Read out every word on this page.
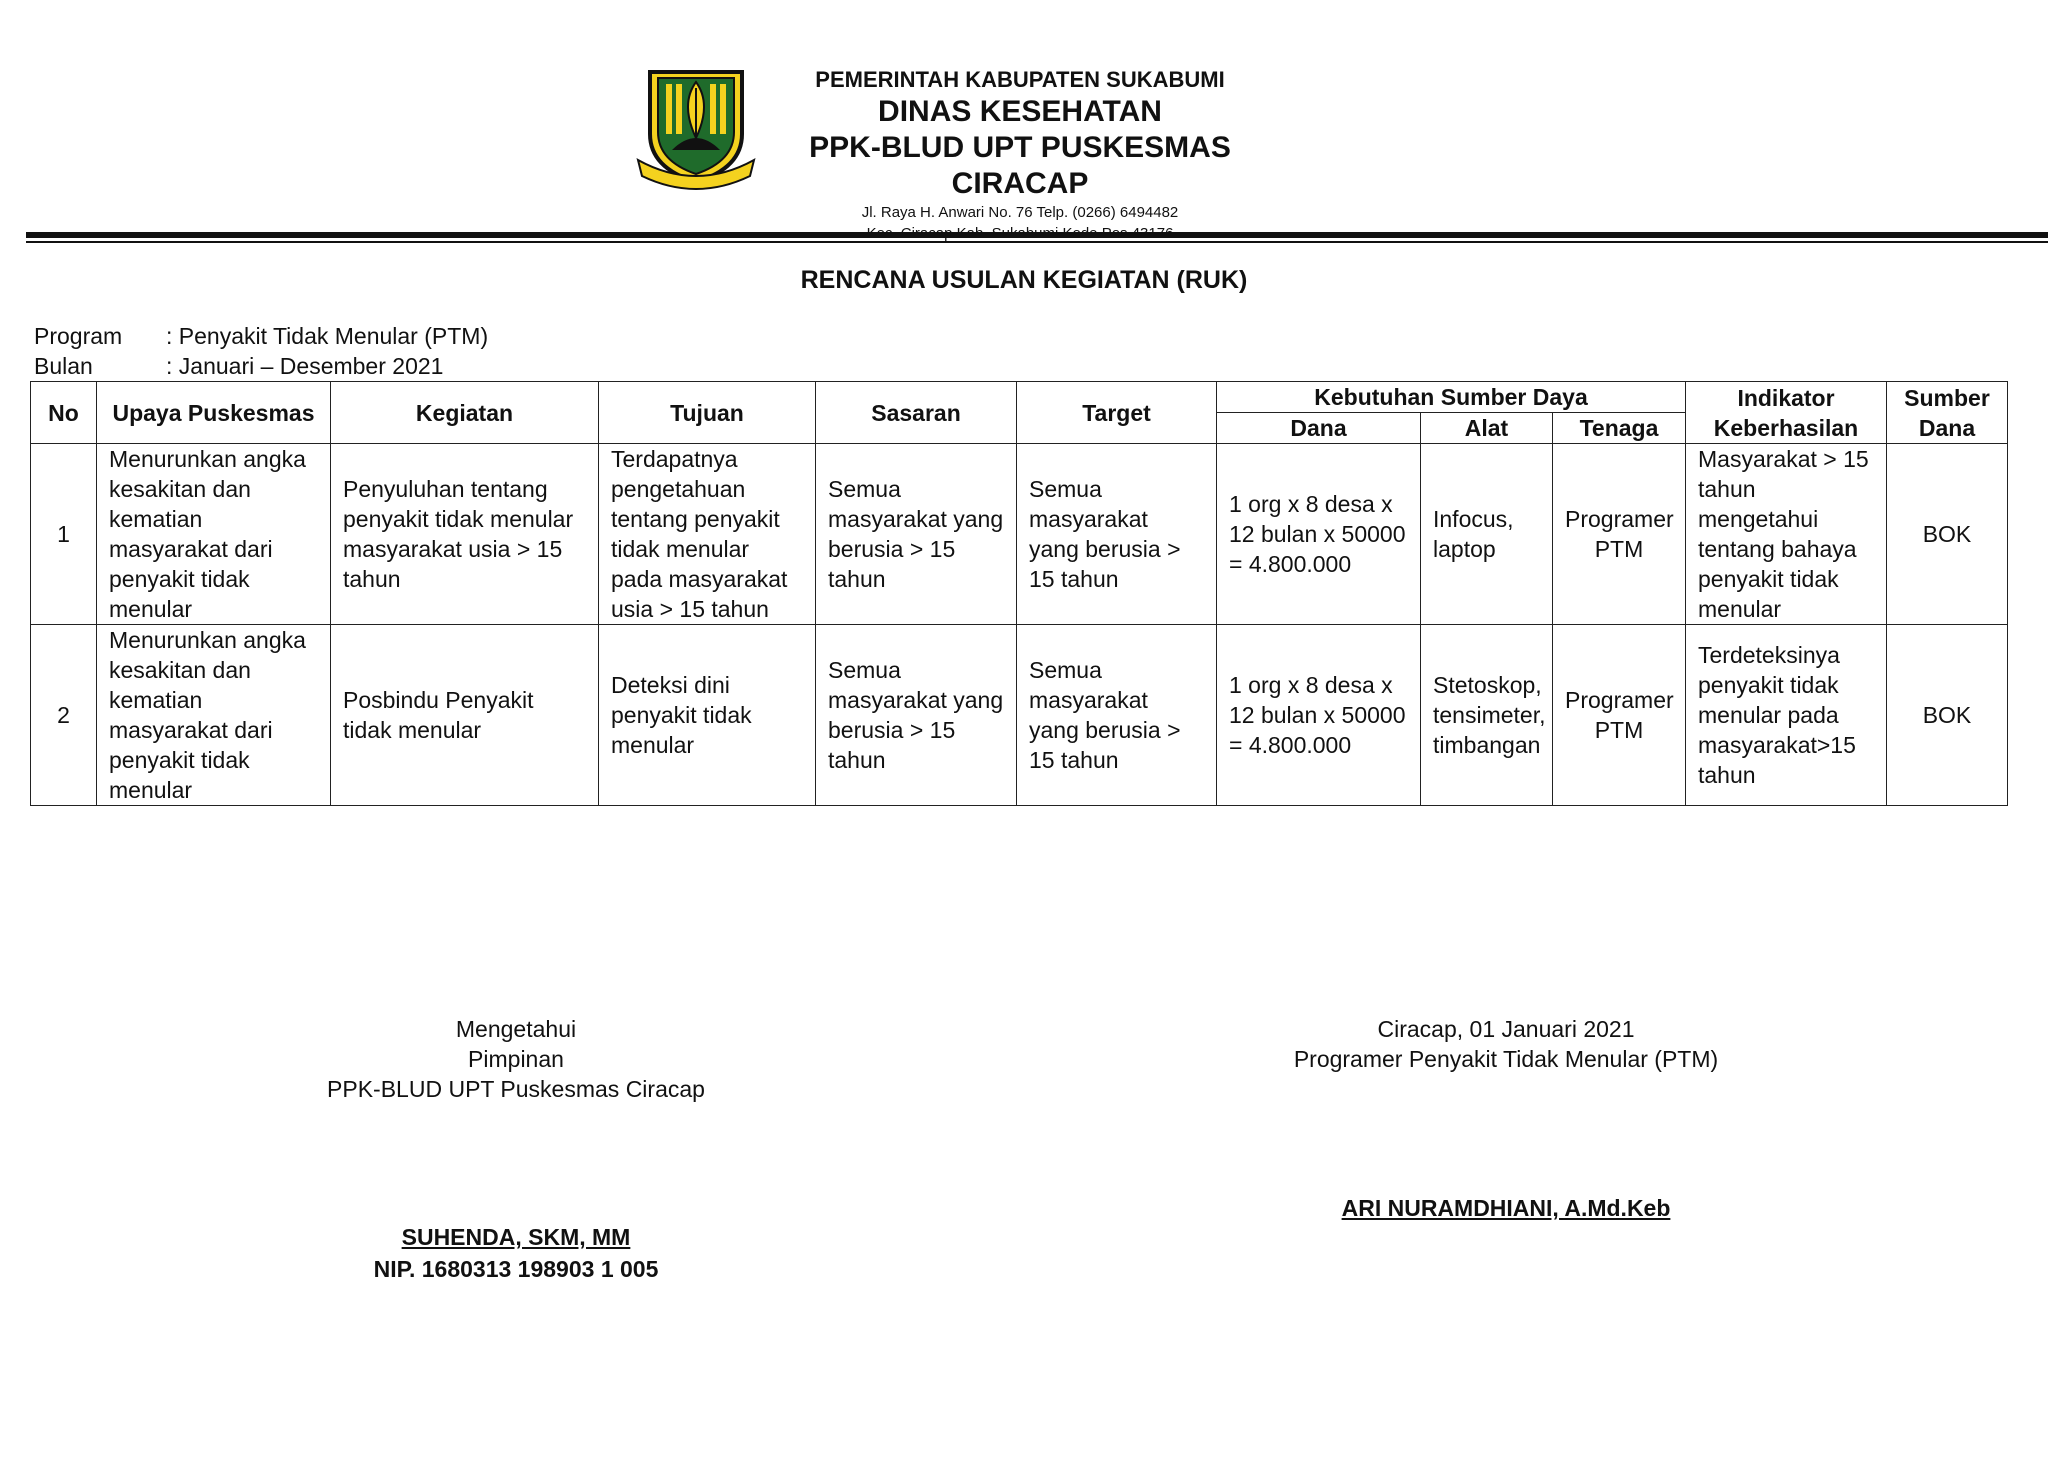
PEMERINTAH KABUPATEN SUKABUMI
DINAS KESEHATAN
PPK-BLUD UPT PUSKESMAS CIRACAP
Jl. Raya H. Anwari No. 76 Telp. (0266) 6494482
RENCANA USULAN KEGIATAN (RUK)
Program : Penyakit Tidak Menular (PTM)
Bulan	: Januari – Desember 2021
No	Upaya Puskesmas	Kegiatan	Tujuan	Sasaran	Target	Kebutuhan Sumber Daya			Indikator Keberhasilan	Sumber Dana
						Dana	Alat	Tenaga		
1	Menurunkan angka kesakitan dan kematian masyarakat dari penyakit tidak menular	Penyuluhan tentang penyakit tidak menular masyarakat usia > 15 tahun	Terdapatnya pengetahuan tentang penyakit tidak menular pada masyarakat usia > 15 tahun	Semua masyarakat yang berusia > 15 tahun	Semua masyarakat yang berusia > 15 tahun	1 org x 8 desa x 12 bulan x 50000 = 4.800.000	Infocus, laptop	Programer PTM	Masyarakat > 15 tahun mengetahui tentang bahaya penyakit tidak menular	BOK
2	Menurunkan angka kesakitan dan kematian masyarakat dari penyakit tidak menular	Posbindu Penyakit tidak menular	Deteksi dini penyakit tidak menular	Semua masyarakat yang berusia > 15 tahun	Semua masyarakat yang berusia > 15 tahun	1 org x 8 desa x 12 bulan x 50000 = 4.800.000	Stetoskop, tensimeter, timbangan	Programer PTM	Terdeteksinya penyakit tidak menular pada masyarakat>15 tahun	BOK
Mengetahui
Pimpinan
PPK-BLUD UPT Puskesmas Ciracap
SUHENDA, SKM, MM
NIP. 1680313 198903 1 005
Ciracap, 01 Januari 2021
Programer Penyakit Tidak Menular (PTM)
ARI NURAMDHIANI, A.Md.Keb
